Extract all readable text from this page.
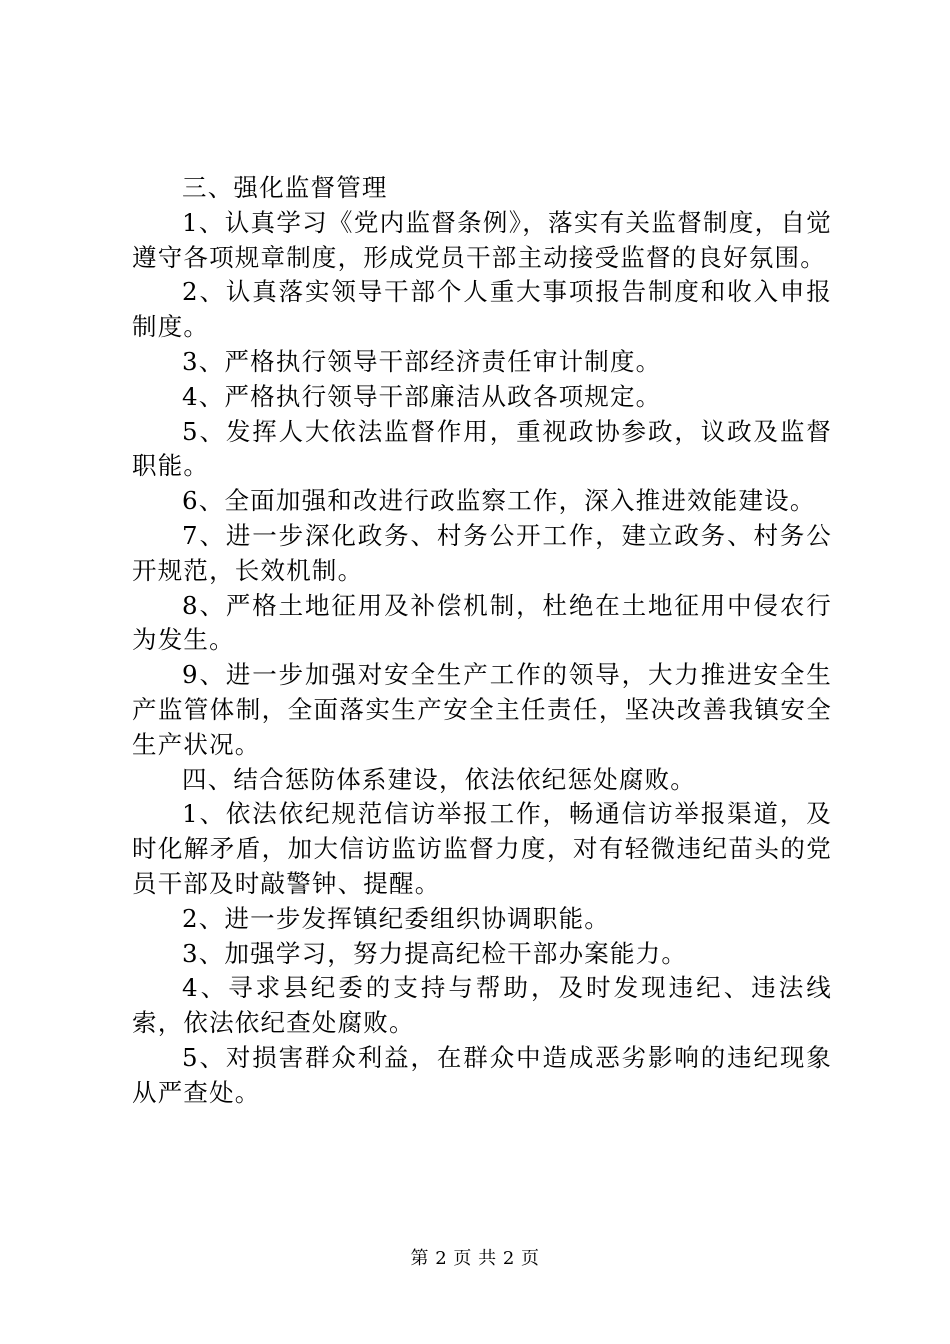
三、强化监督管理

1、认真学习《党内监督条例》，落实有关监督制度，自觉遵守各项规章制度，形成党员干部主动接受监督的良好氛围。

2、认真落实领导干部个人重大事项报告制度和收入申报制度。

3、严格执行领导干部经济责任审计制度。

4、严格执行领导干部廉洁从政各项规定。

5、发挥人大依法监督作用，重视政协参政，议政及监督职能。

6、全面加强和改进行政监察工作，深入推进效能建设。

7、进一步深化政务、村务公开工作，建立政务、村务公开规范，长效机制。

8、严格土地征用及补偿机制，杜绝在土地征用中侵农行为发生。

9、进一步加强对安全生产工作的领导，大力推进安全生产监管体制，全面落实生产安全主任责任，坚决改善我镇安全生产状况。

四、结合惩防体系建设，依法依纪惩处腐败。

1、依法依纪规范信访举报工作，畅通信访举报渠道，及时化解矛盾，加大信访监访监督力度，对有轻微违纪苗头的党员干部及时敲警钟、提醒。

2、进一步发挥镇纪委组织协调职能。

3、加强学习，努力提高纪检干部办案能力。

4、寻求县纪委的支持与帮助，及时发现违纪、违法线索，依法依纪查处腐败。

5、对损害群众利益，在群众中造成恶劣影响的违纪现象从严查处。

第 2 页 共 2 页
